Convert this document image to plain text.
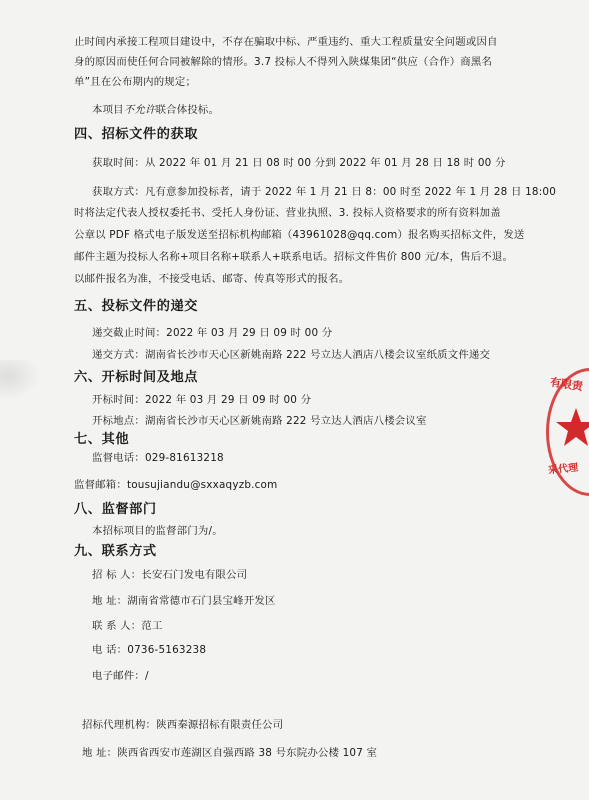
止时间内承接工程项目建设中，不存在骗取中标、严重违约、重大工程质量安全问题或因自
身的原因而使任何合同被解除的情形。3.7 投标人不得列入陕煤集团“供应（合作）商黑名
单”且在公布期内的规定；
本项目不允许联合体投标。
四、招标文件的获取
获取时间：从 2022 年 01 月 21 日 08 时 00 分到 2022 年 01 月 28 日 18 时 00 分
获取方式：凡有意参加投标者，请于 2022 年 1 月 21 日 8：00 时至 2022 年 1 月 28 日 18:00
时将法定代表人授权委托书、受托人身份证、营业执照、3. 投标人资格要求的所有资料加盖
公章以 PDF 格式电子版发送至招标机构邮箱（43961028@qq.com）报名购买招标文件，发送
邮件主题为投标人名称+项目名称+联系人+联系电话。招标文件售价 800 元/本，售后不退。
以邮件报名为准，不接受电话、邮寄、传真等形式的报名。
五、投标文件的递交
递交截止时间：2022 年 03 月 29 日 09 时 00 分
递交方式：湖南省长沙市天心区新姚南路 222 号立达人酒店八楼会议室纸质文件递交
六、开标时间及地点
开标时间：2022 年 03 月 29 日 09 时 00 分
开标地点：湖南省长沙市天心区新姚南路 222 号立达人酒店八楼会议室
七、其他
监督电话：029-81613218
监督邮箱：tousujiandu@sxxaqyzb.com
八、监督部门
本招标项目的监督部门为/。
九、联系方式
招 标 人：长安石门发电有限公司
地 址：湖南省常德市石门县宝峰开发区
联 系 人：范工
电 话：0736-5163238
电子邮件：/
招标代理机构：陕西秦源招标有限责任公司
地 址：陕西省西安市莲湖区自强西路 38 号东院办公楼 107 室
有限责
采代理
